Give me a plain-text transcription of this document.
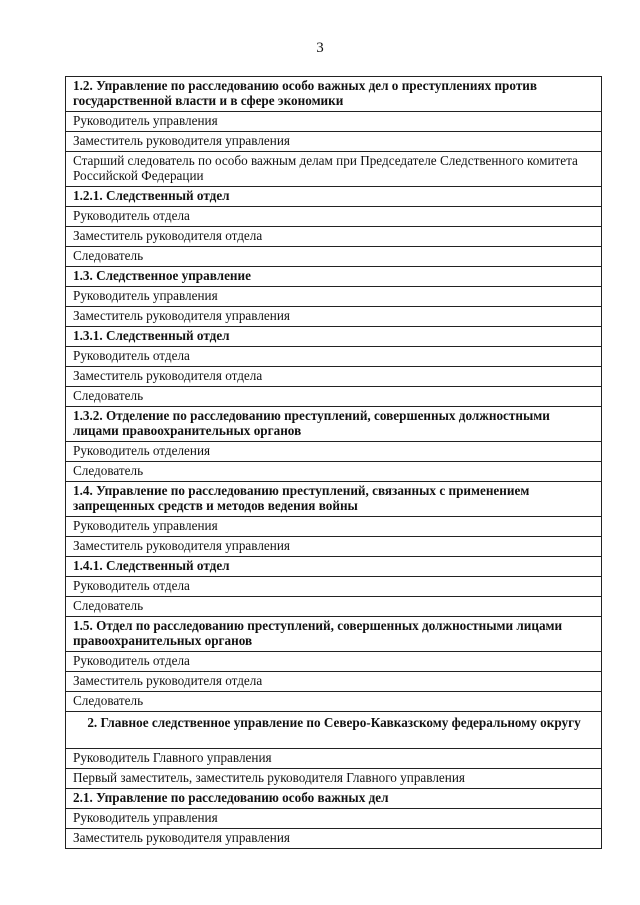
3
1.2. Управление по расследованию особо важных дел о преступлениях против государственной власти и в сфере экономики
Руководитель управления
Заместитель руководителя управления
Старший следователь по особо важным делам при Председателе Следственного комитета Российской Федерации
1.2.1. Следственный отдел
Руководитель отдела
Заместитель руководителя отдела
Следователь
1.3. Следственное управление
Руководитель управления
Заместитель руководителя управления
1.3.1. Следственный отдел
Руководитель отдела
Заместитель руководителя отдела
Следователь
1.3.2. Отделение по расследованию преступлений, совершенных должностными лицами правоохранительных органов
Руководитель отделения
Следователь
1.4. Управление по расследованию преступлений, связанных с применением запрещенных средств и методов ведения войны
Руководитель управления
Заместитель руководителя управления
1.4.1. Следственный отдел
Руководитель отдела
Следователь
1.5. Отдел по расследованию преступлений, совершенных должностными лицами правоохранительных органов
Руководитель отдела
Заместитель руководителя отдела
Следователь
2. Главное следственное управление по Северо-Кавказскому федеральному округу
Руководитель Главного управления
Первый заместитель, заместитель руководителя Главного управления
2.1. Управление по расследованию особо важных дел
Руководитель управления
Заместитель руководителя управления
